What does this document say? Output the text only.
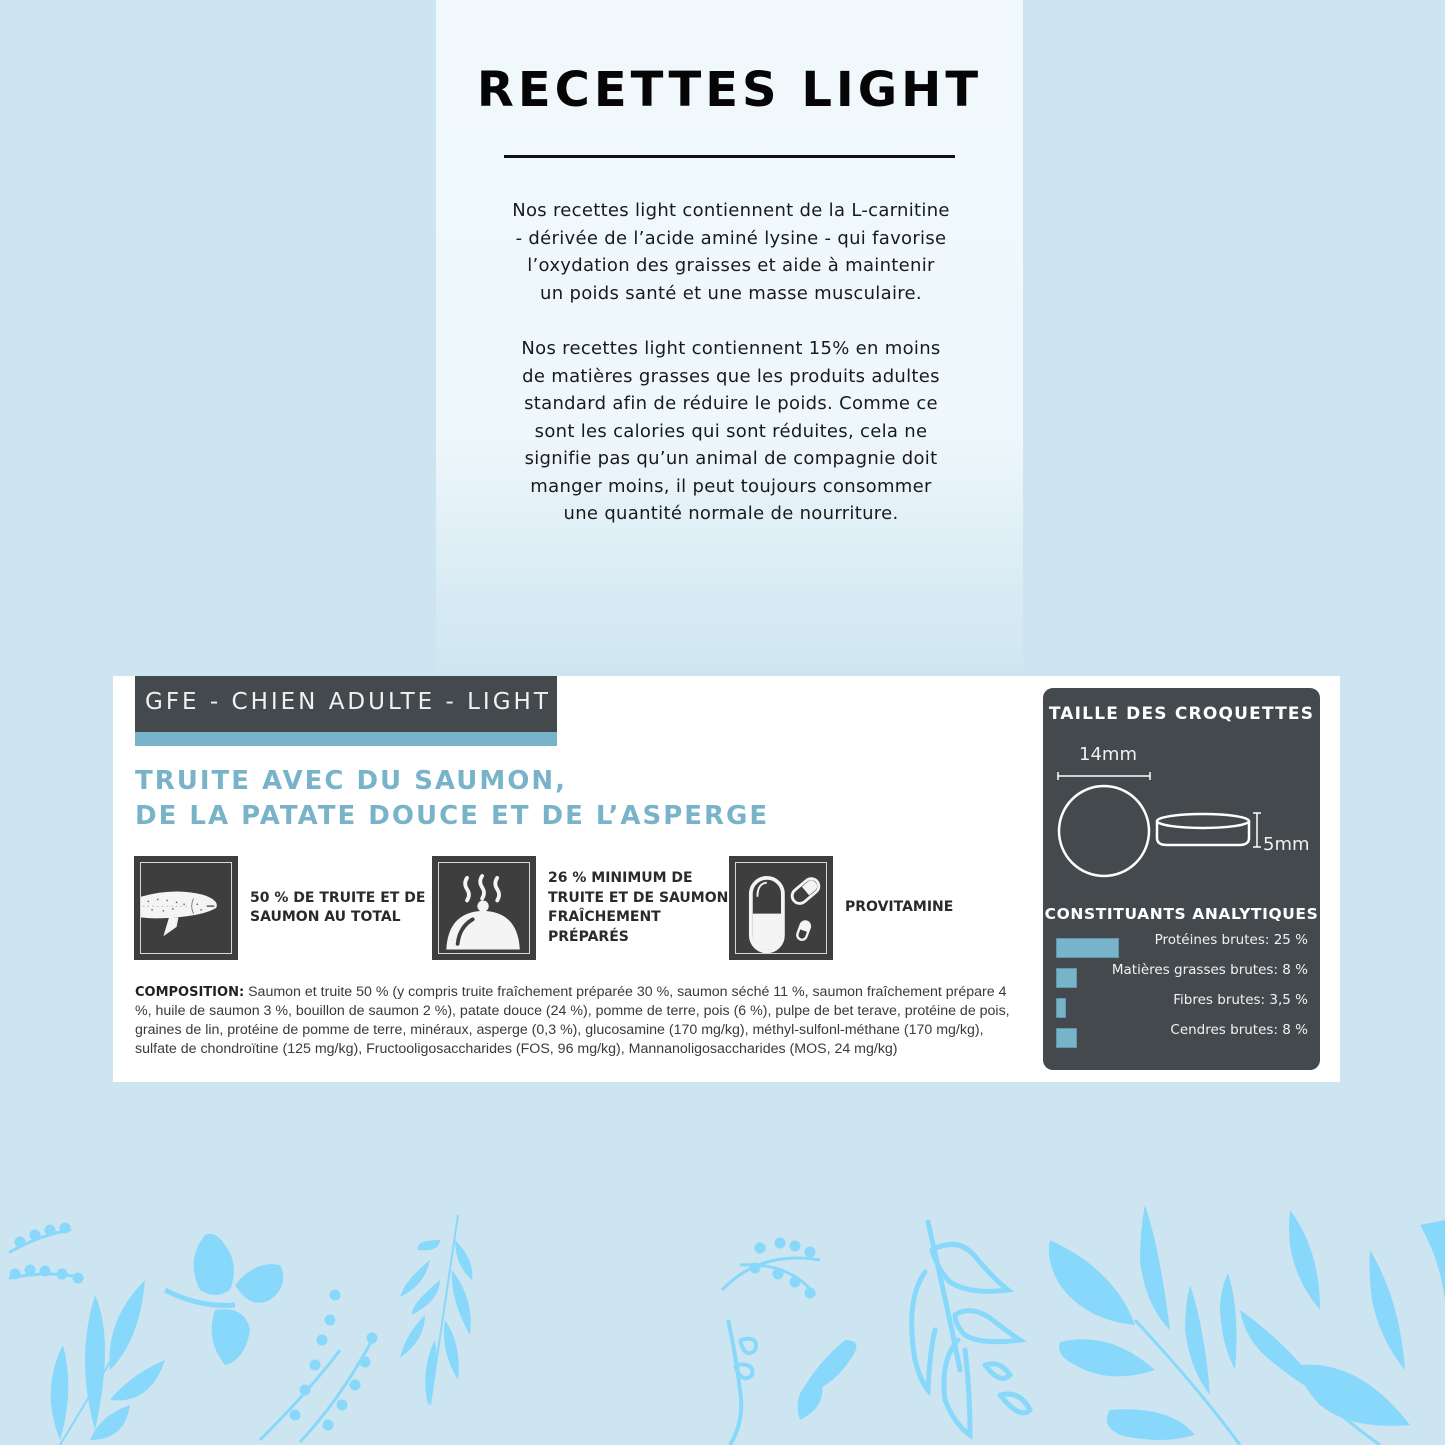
RECETTES LIGHT
Nos recettes light contiennent de la L-carnitine
- dérivée de l’acide aminé lysine - qui favorise
l’oxydation des graisses et aide à maintenir
un poids santé et une masse musculaire.
Nos recettes light contiennent 15% en moins
de matières grasses que les produits adultes
standard afin de réduire le poids. Comme ce
sont les calories qui sont réduites, cela ne
signifie pas qu’un animal de compagnie doit
manger moins, il peut toujours consommer
une quantité normale de nourriture.
GFE - CHIEN ADULTE - LIGHT
TRUITE AVEC DU SAUMON,
DE LA PATATE DOUCE ET DE L’ASPERGE
50 % DE TRUITE ET DE
SAUMON AU TOTAL
26 % MINIMUM DE
TRUITE ET DE SAUMON
FRAÎCHEMENT
PRÉPARÉS
PROVITAMINE
COMPOSITION: Saumon et truite 50 % (y compris truite fraîchement préparée 30 %, saumon séché 11 %, saumon fraîchement prépare 4 %, huile de saumon 3 %, bouillon de saumon 2 %), patate douce (24 %), pomme de terre, pois (6 %), pulpe de bet terave, protéine de pois, graines de lin, protéine de pomme de terre, minéraux, asperge (0,3 %), glucosamine (170 mg/kg), méthyl-sulfonl-méthane (170 mg/kg), sulfate de chondroïtine (125 mg/kg), Fructooligosaccharides (FOS, 96 mg/kg), Mannanoligosaccharides (MOS, 24 mg/kg)
TAILLE DES CROQUETTES
14mm
5mm
CONSTITUANTS ANALYTIQUES
Protéines brutes: 25 %
Matières grasses brutes: 8 %
Fibres brutes: 3,5 %
Cendres brutes: 8 %
